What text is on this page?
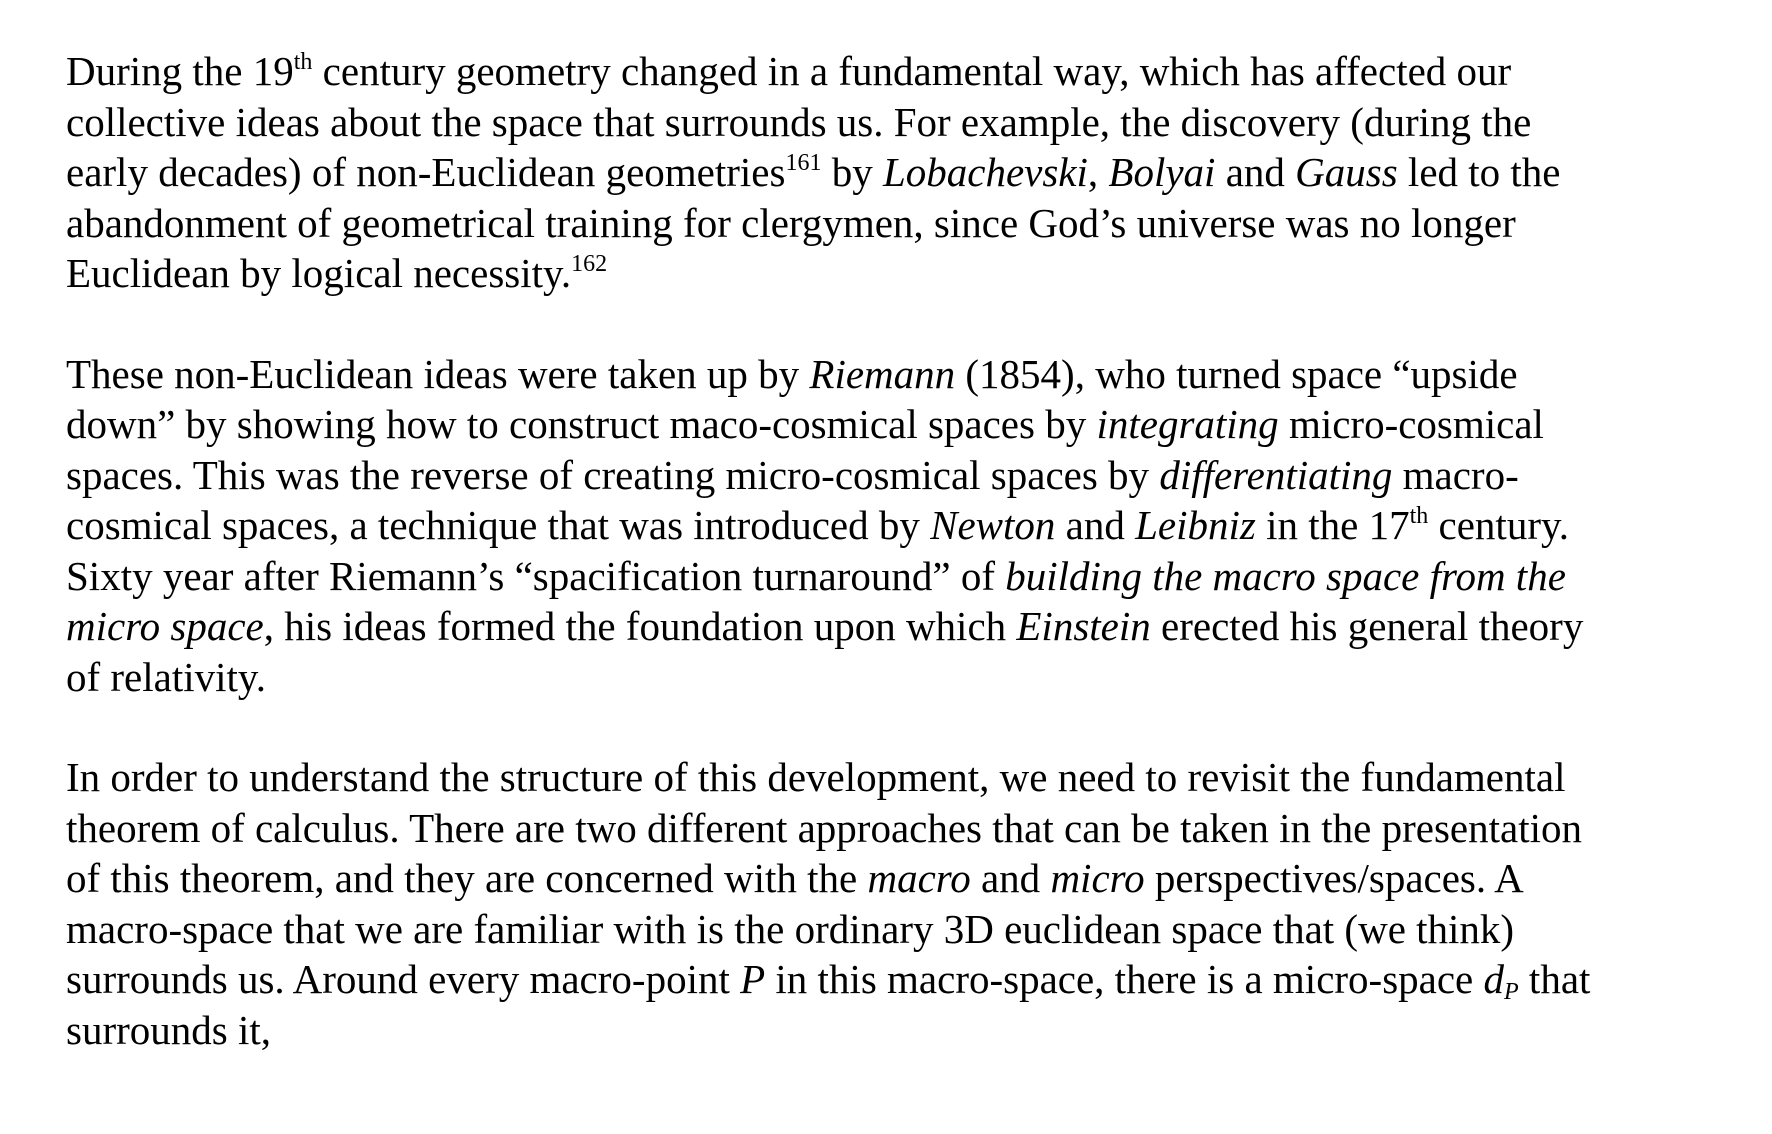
During the 19th century geometry changed in a fundamental way, which has affected our
collective ideas about the space that surrounds us. For example, the discovery (during the
early decades) of non-Euclidean geometries$^{161}$ by Lobachevski, Bolyai and Gauss led to the
abandonment of geometrical training for clergymen, since God’s universe was no longer
Euclidean by logical necessity.$^{162}$

These non-Euclidean ideas were taken up by Riemann (1854), who turned space “upside
down” by showing how to construct maco-cosmical spaces by integrating micro-cosmical
spaces. This was the reverse of creating micro-cosmical spaces by differentiating macro-
cosmical spaces, a technique that was introduced by Newton and Leibniz in the 17th century.
Sixty year after Riemann’s “spacification turnaround” of building the macro space from the
micro space, his ideas formed the foundation upon which Einstein erected his general theory
of relativity.

In order to understand the structure of this development, we need to revisit the fundamental
theorem of calculus. There are two different approaches that can be taken in the presentation
of this theorem, and they are concerned with the macro and micro perspectives/spaces. A
macro-space that we are familiar with is the ordinary 3D euclidean space that (we think)
surrounds us. Around every macro-point P in this macro-space, there is a micro-space $d_P$ that
surrounds it,
